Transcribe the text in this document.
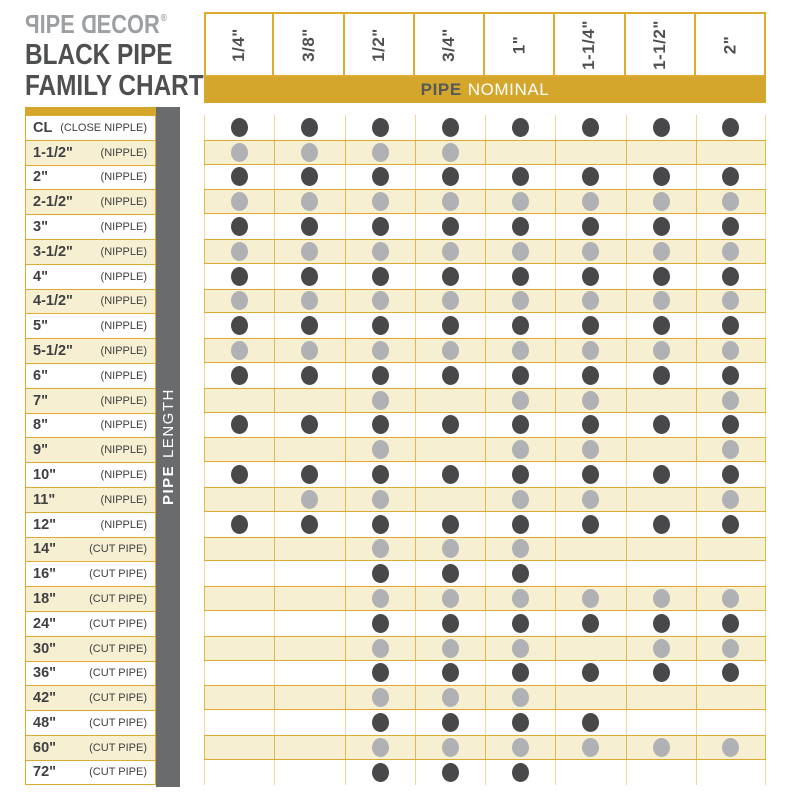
PIPE DECOR®
BLACK PIPE
FAMILY CHART
PIPELENGTH
1/4"	3/8"	1/2"	3/4"	1"	1-1/4"	1-1/2"	2"
PIPE NOMINAL
CL (CLOSE NIPPLE)
1-1/2"	(NIPPLE)
2"	(NIPPLE)
2-1/2"	(NIPPLE)
3"	(NIPPLE)
3-1/2"	(NIPPLE)
4"	(NIPPLE)
4-1/2"	(NIPPLE)
5"	(NIPPLE)
5-1/2"	(NIPPLE)
6"	(NIPPLE)
7"	(NIPPLE)
8"	(NIPPLE)
9"	(NIPPLE)
10"	(NIPPLE)
11"	(NIPPLE)
12"	(NIPPLE)
14"	(CUT PIPE)
16"	(CUT PIPE)
18"	(CUT PIPE)
24"	(CUT PIPE)
30"	(CUT PIPE)
36"	(CUT PIPE)
42"	(CUT PIPE)
48"	(CUT PIPE)
60"	(CUT PIPE)
72"	(CUT PIPE)
